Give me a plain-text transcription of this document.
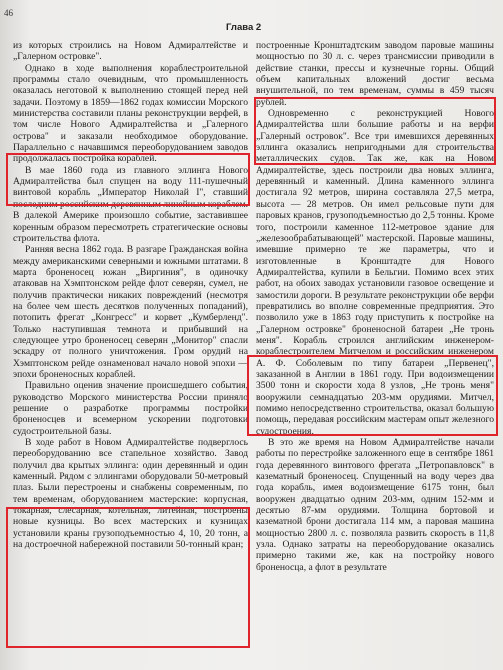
46
Глава 2

из которых строились на Новом Адмиралтействе и „Галерном островке".

Однако в ходе выполнения кораблестроительной программы стало очевидным, что промышленность оказалась неготовой к выполнению стоящей перед ней задачи. Поэтому в 1859—1862 годах комиссии Морского министерства составили планы реконструкции верфей, в том числе Нового Адмиралтейства и „Галерного острова" и заказали необходимое оборудование. Параллельно с начавшимся переоборудованием заводов продолжалась постройка кораблей.

В мае 1860 года из главного эллинга Нового Адмиралтейства был спущен на воду 111-пушечный винтовой корабль „Император Николай I", ставший последним российским деревянным линейным кораблем. В далекой Америке произошло событие, заставившее коренным образом пересмотреть стратегические основы строительства флота.

Ранняя весна 1862 года. В разгаре Гражданская война между американскими северными и южными штатами. 8 марта броненосец южан „Виргиния", в одиночку атаковав на Хэмптонском рейде флот северян, сумел, не получив практически никаких повреждений (несмотря на более чем шесть десятков полученных попаданий), потопить фрегат „Конгресс" и корвет „Кумберленд". Только наступившая темнота и прибывший на следующее утро броненосец северян „Монитор" спасли эскадру от полного уничтожения. Гром орудий на Хэмптонском рейде ознаменовал начало новой эпохи — эпохи броненосных кораблей.

Правильно оценив значение происшедшего события, руководство Морского министерства России приняло решение о разработке программы постройки броненосцев и всемерном ускорении подготовки судостроительной базы.

В ходе работ в Новом Адмиралтействе подверглось переоборудованию все стапельное хозяйство. Завод получил два крытых эллинга: один деревянный и один каменный. Рядом с эллингами оборудовали 50-метровый плаз. Были перестроены и снабжены современным, по тем временам, оборудованием мастерские: корпусная, токарная, слесарная, котельная, литейная, построены новые кузницы. Во всех мастерских и кузницах установили краны грузоподъемностью 4, 10, 20 тонн, а на достроечной набережной поставили 50-тонный кран;

построенные Кронштадтским заводом паровые машины мощностью по 30 л. с. через трансмиссии приводили в действие станки, прессы и кузнечные горны. Общий объем капитальных вложений достиг весьма внушительной, по тем временам, суммы в 459 тысяч рублей.

Одновременно с реконструкцией Нового Адмиралтейства шли большие работы и на верфи „Галерный островок". Все три имевшихся деревянных эллинга оказались непригодными для строительства металлических судов. Так же, как на Новом Адмиралтействе, здесь построили два новых эллинга, деревянный и каменный. Длина каменного эллинга достигала 92 метров, ширина составляла 27,5 метра, высота — 28 метров. Он имел рельсовые пути для паровых кранов, грузоподъемностью до 2,5 тонны. Кроме того, построили каменное 112-метровое здание для „железообрабатывающей" мастерской. Паровые машины, имевшие примерно те же параметры, что и изготовленные в Кронштадте для Нового Адмиралтейства, купили в Бельгии. Помимо всех этих работ, на обоих заводах установили газовое освещение и замостили дороги. В результате реконструкции обе верфи превратились во вполне современные предприятия. Это позволило уже в 1863 году приступить к постройке на „Галерном островке" броненосной батареи „Не тронь меня". Корабль строился английским инженером-кораблестроителем Митчелом и российским инженером А. Ф. Соболевым по типу батареи „Первенец", заказанной в Англии в 1861 году. При водоизмещении 3500 тонн и скорости хода 8 узлов, „Не тронь меня" вооружили семнадцатью 203-мм орудиями. Митчел, помимо непосредственно строительства, оказал большую помощь, передавая российским мастерам опыт железного судостроения.

В это же время на Новом Адмиралтействе начали работы по перестройке заложенного еще в сентябре 1861 года деревянного винтового фрегата „Петропавловск" в казематный броненосец. Спущенный на воду через два года корабль, имея водоизмещение 6175 тонн, был вооружен двадцатью одним 203-мм, одним 152-мм и десятью 87-мм орудиями. Толщина бортовой и казематной брони достигала 114 мм, а паровая машина мощностью 2800 л. с. позволяла развить скорость в 11,8 узла. Однако затраты на переоборудование оказались примерно такими же, как на постройку нового броненосца, а флот в результате
